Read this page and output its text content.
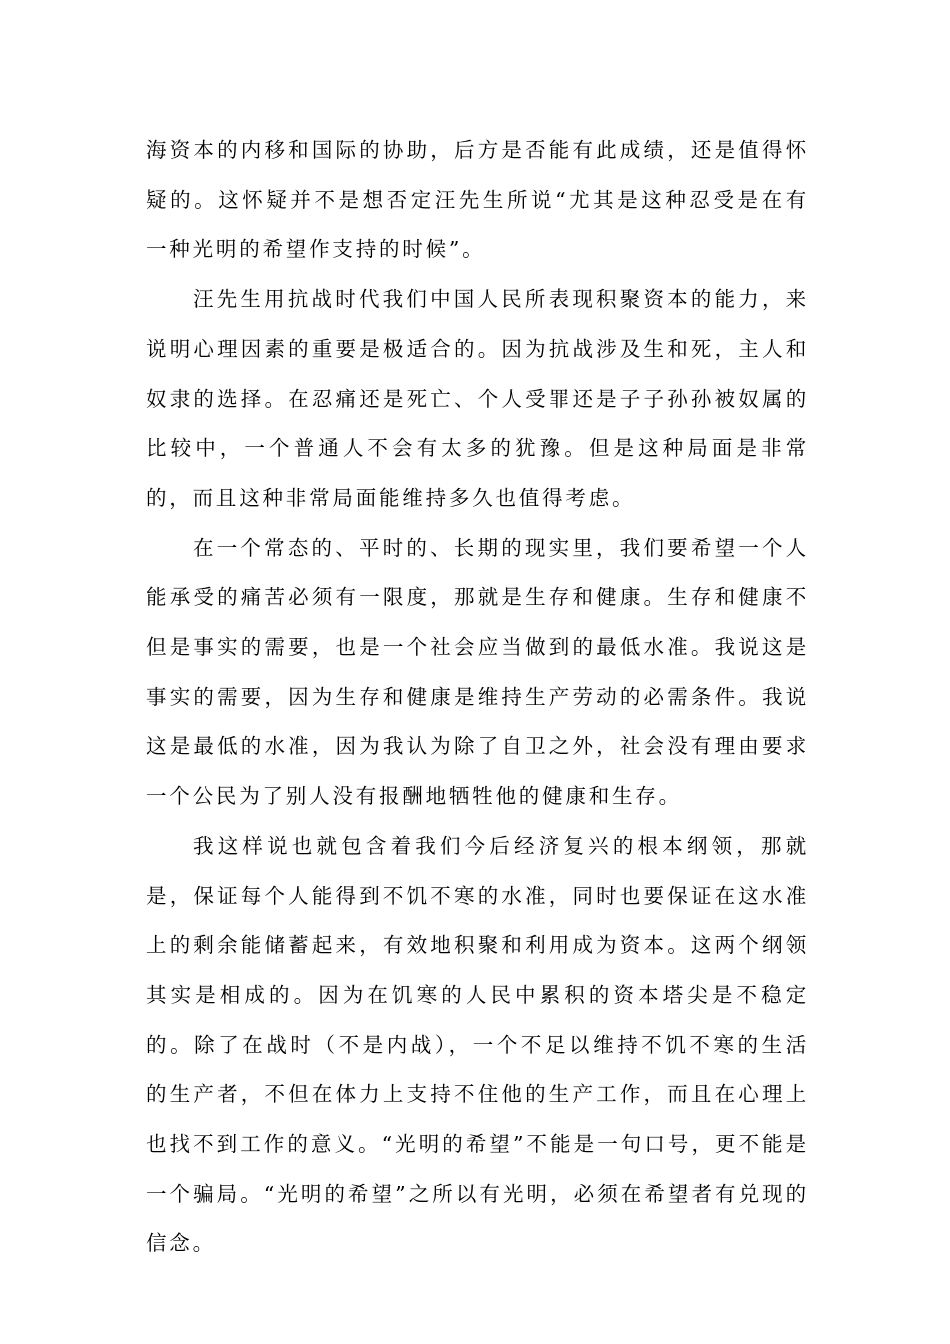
海资本的内移和国际的协助，后方是否能有此成绩，还是值得怀疑的。这怀疑并不是想否定汪先生所说“尤其是这种忍受是在有一种光明的希望作支持的时候”。

汪先生用抗战时代我们中国人民所表现积聚资本的能力，来说明心理因素的重要是极适合的。因为抗战涉及生和死，主人和奴隶的选择。在忍痛还是死亡、个人受罪还是子子孙孙被奴属的比较中，一个普通人不会有太多的犹豫。但是这种局面是非常的，而且这种非常局面能维持多久也值得考虑。

在一个常态的、平时的、长期的现实里，我们要希望一个人能承受的痛苦必须有一限度，那就是生存和健康。生存和健康不但是事实的需要，也是一个社会应当做到的最低水准。我说这是事实的需要，因为生存和健康是维持生产劳动的必需条件。我说这是最低的水准，因为我认为除了自卫之外，社会没有理由要求一个公民为了别人没有报酬地牺牲他的健康和生存。

我这样说也就包含着我们今后经济复兴的根本纲领，那就是，保证每个人能得到不饥不寒的水准，同时也要保证在这水准上的剩余能储蓄起来，有效地积聚和利用成为资本。这两个纲领其实是相成的。因为在饥寒的人民中累积的资本塔尖是不稳定的。除了在战时（不是内战），一个不足以维持不饥不寒的生活的生产者，不但在体力上支持不住他的生产工作，而且在心理上也找不到工作的意义。“光明的希望”不能是一句口号，更不能是一个骗局。“光明的希望”之所以有光明，必须在希望者有兑现的信念。
